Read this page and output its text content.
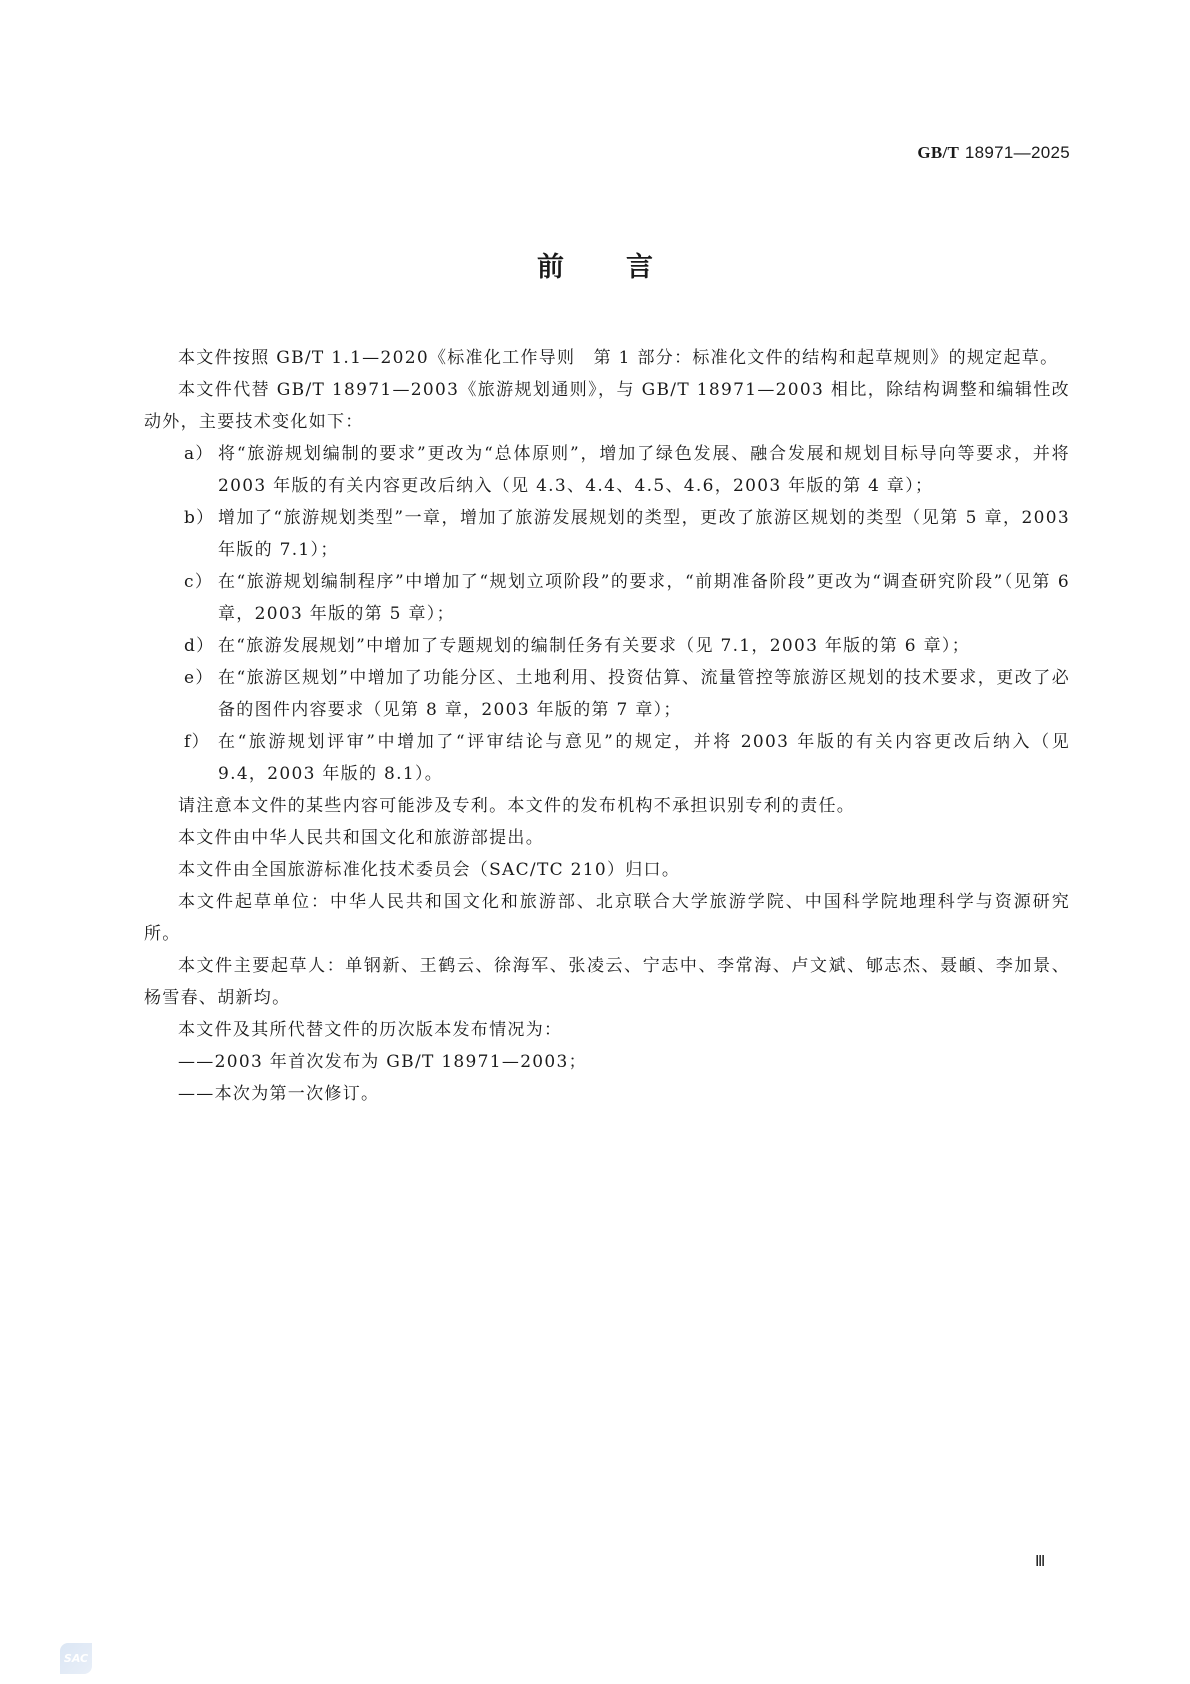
GB/T 18971—2025
前言
本文件按照 GB/T 1.1—2020《标准化工作导则　第 1 部分：标准化文件的结构和起草规则》的规定起草。
本文件代替 GB/T 18971—2003《旅游规划通则》，与 GB/T 18971—2003 相比，除结构调整和编辑性改动外，主要技术变化如下：
a） 将“旅游规划编制的要求”更改为“总体原则”，增加了绿色发展、融合发展和规划目标导向等要求，并将 2003 年版的有关内容更改后纳入（见 4.3、4.4、4.5、4.6，2003 年版的第 4 章）；
b） 增加了“旅游规划类型”一章，增加了旅游发展规划的类型，更改了旅游区规划的类型（见第 5 章，2003 年版的 7.1）；
c） 在“旅游规划编制程序”中增加了“规划立项阶段”的要求，“前期准备阶段”更改为“调查研究阶段”（见第 6 章，2003 年版的第 5 章）；
d） 在“旅游发展规划”中增加了专题规划的编制任务有关要求（见 7.1，2003 年版的第 6 章）；
e） 在“旅游区规划”中增加了功能分区、土地利用、投资估算、流量管控等旅游区规划的技术要求，更改了必备的图件内容要求（见第 8 章，2003 年版的第 7 章）；
f） 在“旅游规划评审”中增加了“评审结论与意见”的规定，并将 2003 年版的有关内容更改后纳入（见 9.4，2003 年版的 8.1）。
请注意本文件的某些内容可能涉及专利。本文件的发布机构不承担识别专利的责任。
本文件由中华人民共和国文化和旅游部提出。
本文件由全国旅游标准化技术委员会（SAC/TC 210）归口。
本文件起草单位：中华人民共和国文化和旅游部、北京联合大学旅游学院、中国科学院地理科学与资源研究所。
本文件主要起草人：单钢新、王鹤云、徐海军、张凌云、宁志中、李常海、卢文斌、郇志杰、聂頔、李加景、杨雪春、胡新均。
本文件及其所代替文件的历次版本发布情况为：
——2003 年首次发布为 GB/T 18971—2003；
——本次为第一次修订。
Ⅲ
SAC
